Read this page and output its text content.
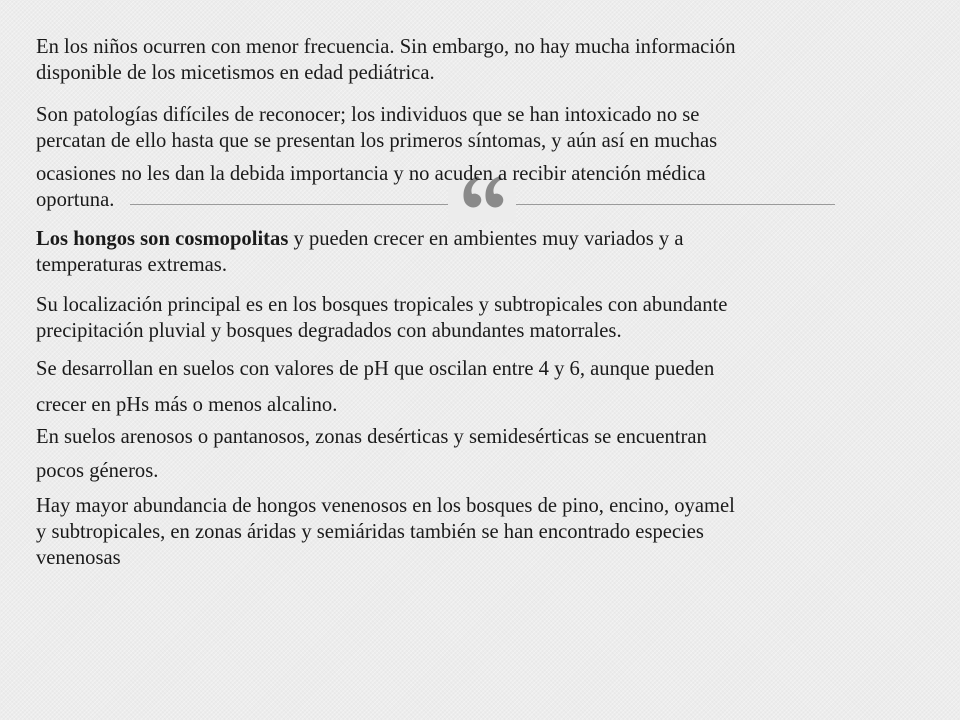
En los niños ocurren con menor frecuencia. Sin embargo, no hay mucha información
disponible de los micetismos en edad pediátrica.

Son patologías difíciles de reconocer; los individuos que se han intoxicado no se
percatan de ello hasta que se presentan los primeros síntomas, y aún así en muchas

ocasiones no les dan la debida importancia y no acuden a recibir atención médica
oportuna.

Los hongos son cosmopolitas y pueden crecer en ambientes muy variados y a
temperaturas extremas.

Su localización principal es en los bosques tropicales y subtropicales con abundante
precipitación pluvial y bosques degradados con abundantes matorrales.

Se desarrollan en suelos con valores de pH que oscilan entre 4 y 6, aunque pueden

crecer en pHs más o menos alcalino.

En suelos arenosos o pantanosos, zonas desérticas y semidesérticas se encuentran

pocos géneros.

Hay mayor abundancia de hongos venenosos en los bosques de pino, encino, oyamel
y subtropicales, en zonas áridas y semiáridas también se han encontrado especies
venenosas
